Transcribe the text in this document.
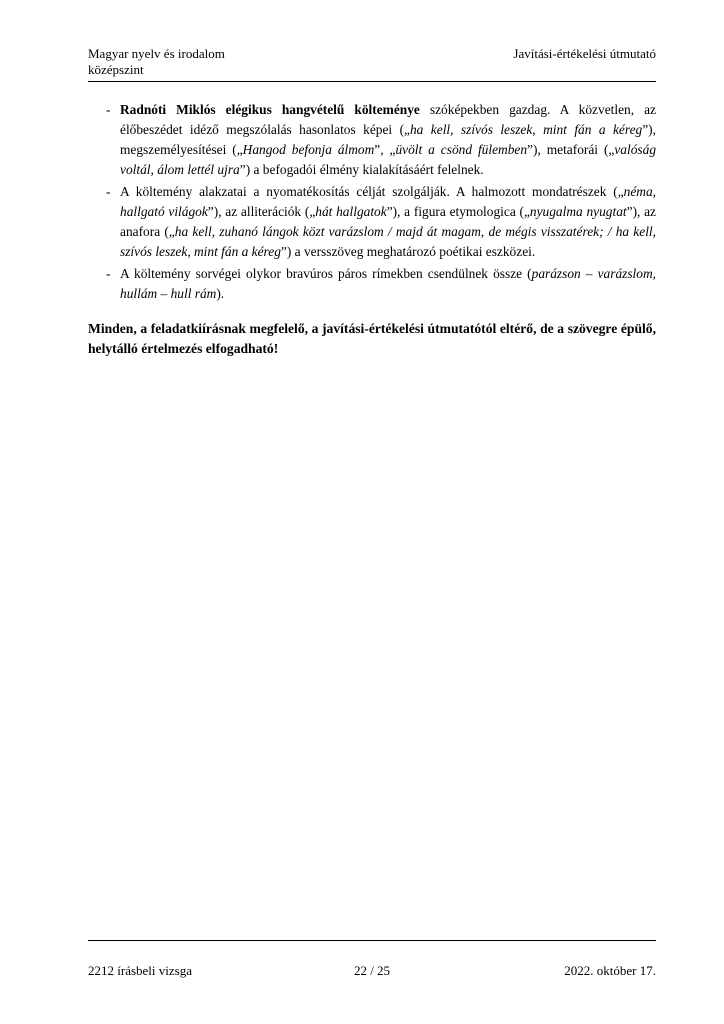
Magyar nyelv és irodalom
középszint
Javítási-értékelési útmutató
- Radnóti Miklós elégikus hangvételű költeménye szóképekben gazdag. A közvetlen, az élőbeszédet idéző megszólalás hasonlatos képei („ha kell, szívós leszek, mint fán a kéreg”), megszemélyesítései („Hangod befonja álmom”, „üvölt a csönd fülemben”), metaforái („valóság voltál, álom lettél ujra”) a befogadói élmény kialakításáért felelnek.
- A költemény alakzatai a nyomatékosítás célját szolgálják. A halmozott mondatrészek („néma, hallgató világok”), az alliterációk („hát hallgatok”), a figura etymologica („nyugalma nyugtat”), az anafora („ha kell, zuhanó lángok közt varázslom / majd át magam, de mégis visszatérek; / ha kell, szívós leszek, mint fán a kéreg”) a versszöveg meghatározó poétikai eszközei.
- A költemény sorvégei olykor bravúros páros rímekben csendülnek össze (parázson – varázslom, hullám – hull rám).

Minden, a feladatkiírásnak megfelelő, a javítási-értékelési útmutatótól eltérő, de a szövegre épülő, helytálló értelmezés elfogadható!

2212 írásbeli vizsga	22 / 25	2022. október 17.
